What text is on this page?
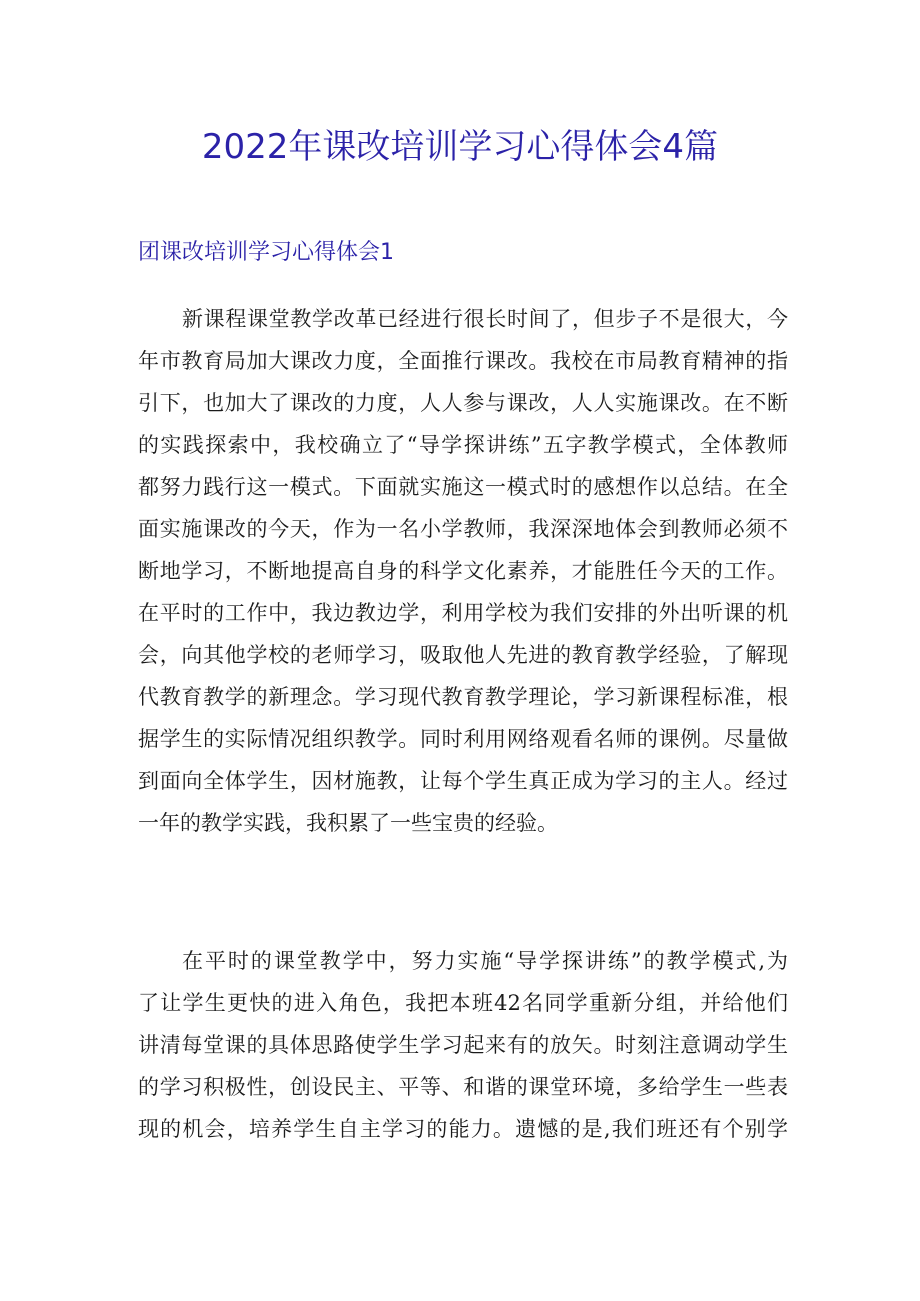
2022年课改培训学习心得体会4篇
团课改培训学习心得体会1
新课程课堂教学改革已经进行很长时间了，但步子不是很大，今
年市教育局加大课改力度，全面推行课改。我校在市局教育精神的指
引下，也加大了课改的力度，人人参与课改，人人实施课改。在不断
的实践探索中，我校确立了“导学探讲练”五字教学模式，全体教师
都努力践行这一模式。下面就实施这一模式时的感想作以总结。在全
面实施课改的今天，作为一名小学教师，我深深地体会到教师必须不
断地学习，不断地提高自身的科学文化素养，才能胜任今天的工作。
在平时的工作中，我边教边学，利用学校为我们安排的外出听课的机
会，向其他学校的老师学习，吸取他人先进的教育教学经验，了解现
代教育教学的新理念。学习现代教育教学理论，学习新课程标准，根
据学生的实际情况组织教学。同时利用网络观看名师的课例。尽量做
到面向全体学生，因材施教，让每个学生真正成为学习的主人。经过
一年的教学实践，我积累了一些宝贵的经验。
在平时的课堂教学中，努力实施“导学探讲练”的教学模式,为
了让学生更快的进入角色，我把本班42名同学重新分组，并给他们
讲清每堂课的具体思路使学生学习起来有的放矢。时刻注意调动学生
的学习积极性，创设民主、平等、和谐的课堂环境，多给学生一些表
现的机会，培养学生自主学习的能力。遗憾的是,我们班还有个别学
